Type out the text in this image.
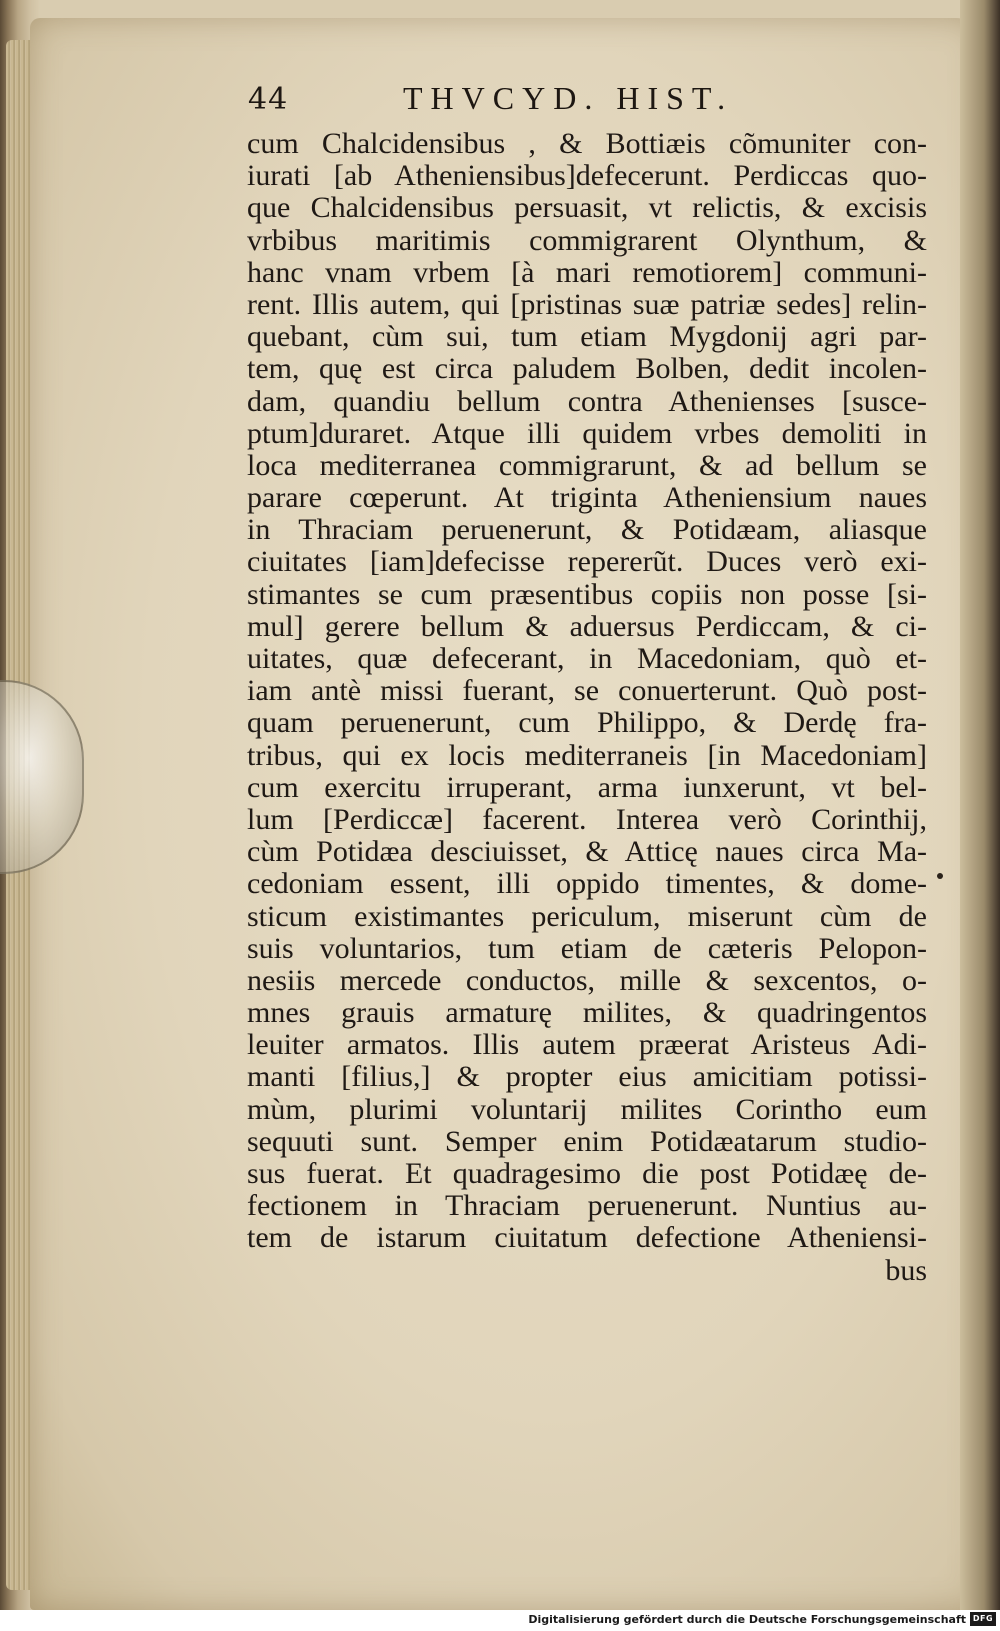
44	THVCYD. HIST.
cum Chalcidensibus , & Bottiæis cõmuniter con-
iurati [ab Atheniensibus]defecerunt. Perdiccas quo-
que Chalcidensibus persuasit, vt relictis, & excisis
vrbibus maritimis commigrarent Olynthum, &
hanc vnam vrbem [à mari remotiorem] communi-
rent. Illis autem, qui [pristinas suæ patriæ sedes] relin-
quebant, cùm sui, tum etiam Mygdonij agri par-
tem, quę est circa paludem Bolben, dedit incolen-
dam, quandiu bellum contra Athenienses [susce-
ptum]duraret. Atque illi quidem vrbes demoliti in
loca mediterranea commigrarunt, & ad bellum se
parare cœperunt. At triginta Atheniensium naues
in Thraciam peruenerunt, & Potidæam, aliasque
ciuitates [iam]defecisse repererũt. Duces verò exi-
stimantes se cum præsentibus copiis non posse [si-
mul] gerere bellum & aduersus Perdiccam, & ci-
uitates, quæ defecerant, in Macedoniam, quò et-
iam antè missi fuerant, se conuerterunt. Quò post-
quam peruenerunt, cum Philippo, & Derdę fra-
tribus, qui ex locis mediterraneis [in Macedoniam]
cum exercitu irruperant, arma iunxerunt, vt bel-
lum [Perdiccæ] facerent. Interea verò Corinthij,
cùm Potidæa desciuisset, & Atticę naues circa Ma-
cedoniam essent, illi oppido timentes, & dome-
sticum existimantes periculum, miserunt cùm de
suis voluntarios, tum etiam de cæteris Pelopon-
nesiis mercede conductos, mille & sexcentos, o-
mnes grauis armaturę milites, & quadringentos
leuiter armatos. Illis autem præerat Aristeus Adi-
manti [filius,] & propter eius amicitiam potissi-
mùm, plurimi voluntarij milites Corintho eum
sequuti sunt. Semper enim Potidæatarum studio-
sus fuerat. Et quadragesimo die post Potidæę de-
fectionem in Thraciam peruenerunt. Nuntius au-
tem de istarum ciuitatum defectione Atheniensi-
bus
Digitalisierung gefördert durch die Deutsche Forschungsgemeinschaft DFG
